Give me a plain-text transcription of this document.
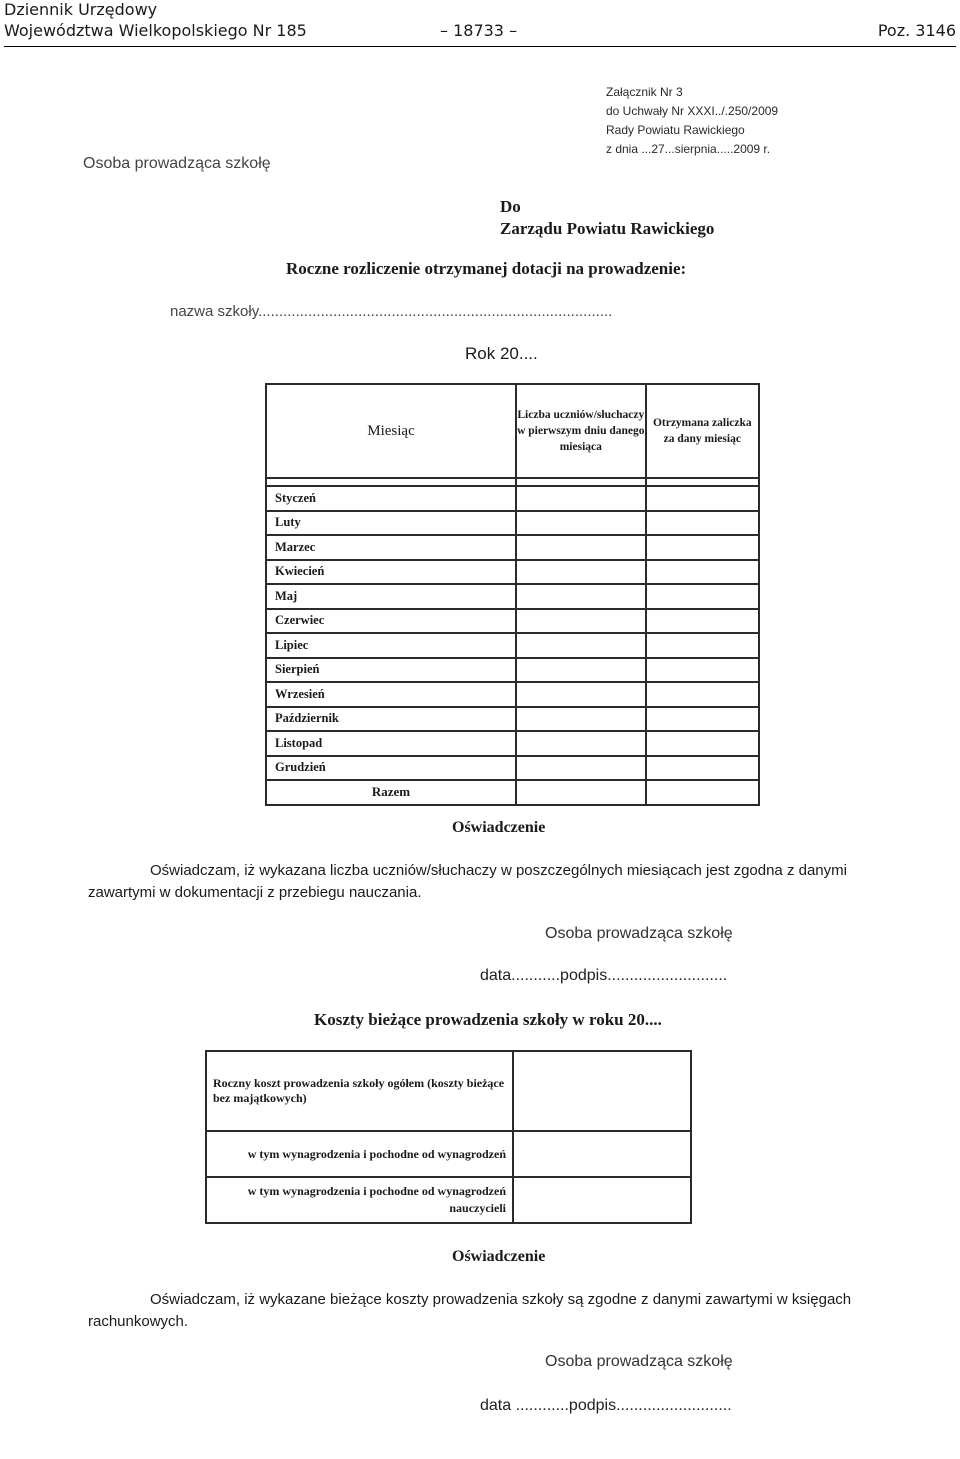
Dziennik Urzędowy
Województwa Wielkopolskiego Nr 185	– 18733 –	Poz. 3146
Załącznik Nr 3
do Uchwały Nr XXXI../.250/2009
Rady Powiatu Rawickiego
z dnia ...27...sierpnia.....2009 r.
Osoba prowadząca szkołę
Do
Zarządu Powiatu Rawickiego
Roczne rozliczenie otrzymanej dotacji na prowadzenie:
nazwa szkoły.....................................................................................
Rok 20....
Miesiąc	Liczba uczniów/słuchaczy w pierwszym dniu danego miesiąca	Otrzymana zaliczka za dany miesiąc

Styczeń		
Luty		
Marzec		
Kwiecień		
Maj		
Czerwiec		
Lipiec		
Sierpień		
Wrzesień		
Październik		
Listopad		
Grudzień		
Razem		
Oświadczenie
Oświadczam, iż wykazana liczba uczniów/słuchaczy w poszczególnych miesiącach jest zgodna z danymi zawartymi w dokumentacji z przebiegu nauczania.
Osoba prowadząca szkołę
data...........podpis...........................
Koszty bieżące prowadzenia szkoły w roku 20....
Roczny koszt prowadzenia szkoły ogółem (koszty bieżące bez majątkowych)	
w tym wynagrodzenia i pochodne od wynagrodzeń	
w tym wynagrodzenia i pochodne od wynagrodzeń nauczycieli	
Oświadczenie
Oświadczam, iż wykazane bieżące koszty prowadzenia szkoły są zgodne z danymi zawartymi w księgach rachunkowych.
Osoba prowadząca szkołę
data ............podpis..........................
